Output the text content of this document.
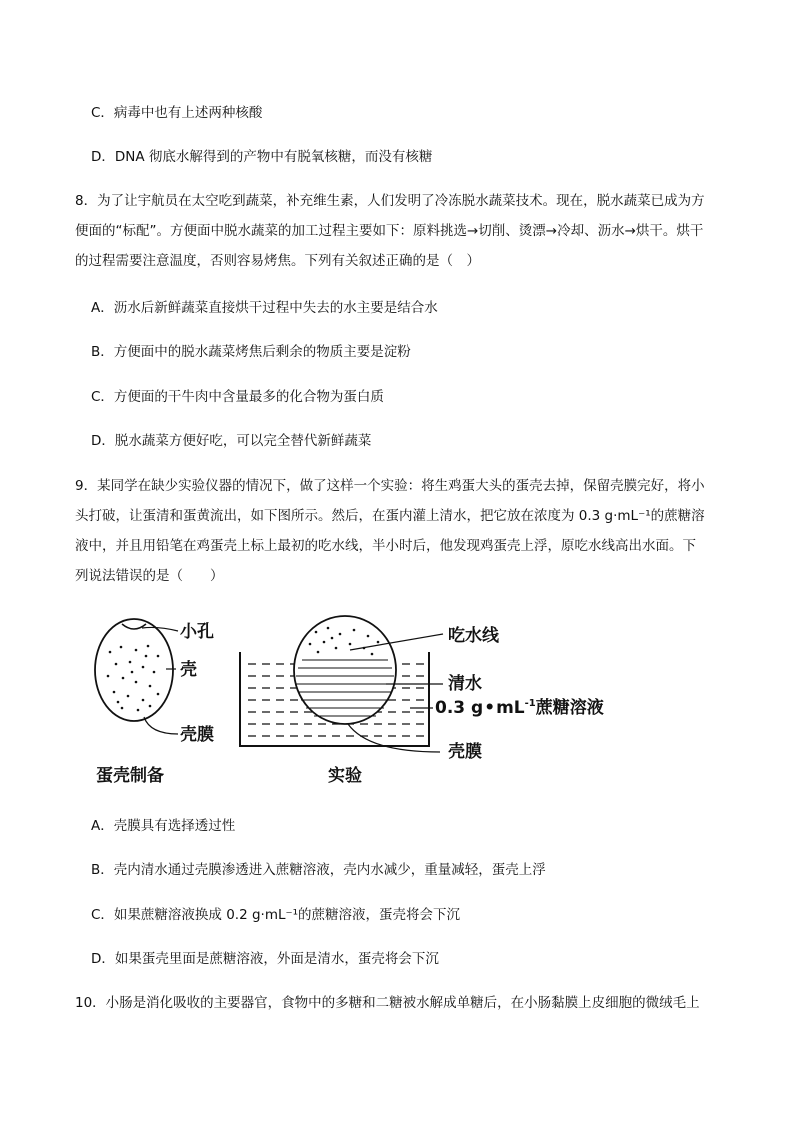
C．病毒中也有上述两种核酸
D．DNA 彻底水解得到的产物中有脱氧核糖，而没有核糖
8．为了让宇航员在太空吃到蔬菜，补充维生素，人们发明了冷冻脱水蔬菜技术。现在，脱水蔬菜已成为方
便面的“标配”。方便面中脱水蔬菜的加工过程主要如下：原料挑选→切削、烫漂→冷却、沥水→烘干。烘干
的过程需要注意温度，否则容易烤焦。下列有关叙述正确的是（　）
A．沥水后新鲜蔬菜直接烘干过程中失去的水主要是结合水
B．方便面中的脱水蔬菜烤焦后剩余的物质主要是淀粉
C．方便面的干牛肉中含量最多的化合物为蛋白质
D．脱水蔬菜方便好吃，可以完全替代新鲜蔬菜
9．某同学在缺少实验仪器的情况下，做了这样一个实验：将生鸡蛋大头的蛋壳去掉，保留壳膜完好，将小
头打破，让蛋清和蛋黄流出，如下图所示。然后，在蛋内灌上清水，把它放在浓度为 0.3 g·mL⁻¹的蔗糖溶
液中，并且用铅笔在鸡蛋壳上标上最初的吃水线，半小时后，他发现鸡蛋壳上浮，原吃水线高出水面。下
列说法错误的是（　　）
小孔
壳
壳膜
蛋壳制备
吃水线
清水
0.3 $g•mL^{-1}$蔗糖溶液
壳膜
实验
A．壳膜具有选择透过性
B．壳内清水通过壳膜渗透进入蔗糖溶液，壳内水减少，重量减轻，蛋壳上浮
C．如果蔗糖溶液换成 0.2 g·mL⁻¹的蔗糖溶液，蛋壳将会下沉
D．如果蛋壳里面是蔗糖溶液，外面是清水，蛋壳将会下沉
10．小肠是消化吸收的主要器官，食物中的多糖和二糖被水解成单糖后，在小肠黏膜上皮细胞的微绒毛上
